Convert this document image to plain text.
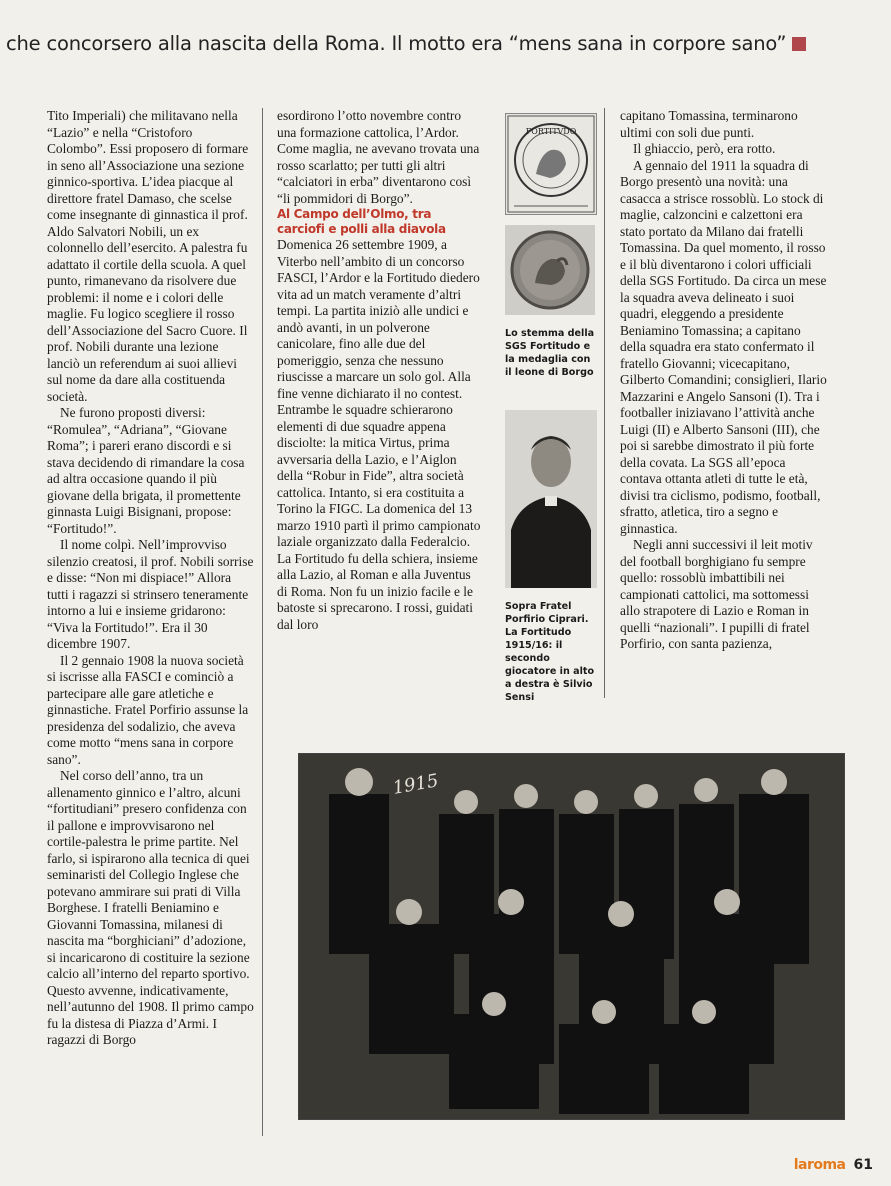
che concorsero alla nascita della Roma. Il motto era “mens sana in corpore sano”

Tito Imperiali) che militavano nella “Lazio” e nella “Cristoforo Colombo”. Essi proposero di formare in seno all’Associazione una sezione ginnico-sportiva. L’idea piacque al direttore fratel Damaso, che scelse come insegnante di ginnastica il prof. Aldo Salvatori Nobili, un ex colonnello dell’esercito. A palestra fu adattato il cortile della scuola. A quel punto, rimanevano da risolvere due problemi: il nome e i colori delle maglie. Fu logico scegliere il rosso dell’Associazione del Sacro Cuore. Il prof. Nobili durante una lezione lanciò un referendum ai suoi allievi sul nome da dare alla costituenda società.

Ne furono proposti diversi: “Romulea”, “Adriana”, “Giovane Roma”; i pareri erano discordi e si stava decidendo di rimandare la cosa ad altra occasione quando il più giovane della brigata, il promettente ginnasta Luigi Bisignani, propose: “Fortitudo!”.

Il nome colpì. Nell’improvviso silenzio creatosi, il prof. Nobili sorrise e disse: “Non mi dispiace!” Allora tutti i ragazzi si strinsero teneramente intorno a lui e insieme gridarono: “Viva la Fortitudo!”. Era il 30 dicembre 1907.

Il 2 gennaio 1908 la nuova società si iscrisse alla FASCI e cominciò a partecipare alle gare atletiche e ginnastiche. Fratel Porfirio assunse la presidenza del sodalizio, che aveva come motto “mens sana in corpore sano”.

Nel corso dell’anno, tra un allenamento ginnico e l’altro, alcuni “fortitudiani” presero confidenza con il pallone e improvvisarono nel cortile-palestra le prime partite. Nel farlo, si ispirarono alla tecnica di quei seminaristi del Collegio Inglese che potevano ammirare sui prati di Villa Borghese. I fratelli Beniamino e Giovanni Tomassina, milanesi di nascita ma “borghiciani” d’adozione, si incaricarono di costituire la sezione calcio all’interno del reparto sportivo. Questo avvenne, indicativamente, nell’autunno del 1908. Il primo campo fu la distesa di Piazza d’Armi. I ragazzi di Borgo

esordirono l’otto novembre contro una formazione cattolica, l’Ardor. Come maglia, ne avevano trovata una rosso scarlatto; per tutti gli altri “calciatori in erba” diventarono così “li pommidori di Borgo”.

Al Campo dell’Olmo, tra carciofi e polli alla diavola

Domenica 26 settembre 1909, a Viterbo nell’ambito di un concorso FASCI, l’Ardor e la Fortitudo diedero vita ad un match veramente d’altri tempi. La partita iniziò alle undici e andò avanti, in un polverone canicolare, fino alle due del pomeriggio, senza che nessuno riuscisse a marcare un solo gol. Alla fine venne dichiarato il no contest. Entrambe le squadre schierarono elementi di due squadre appena disciolte: la mitica Virtus, prima avversaria della Lazio, e l’Aiglon della “Robur in Fide”, altra società cattolica. Intanto, si era costituita a Torino la FIGC. La domenica del 13 marzo 1910 partì il primo campionato laziale organizzato dalla Federalcio. La Fortitudo fu della schiera, insieme alla Lazio, al Roman e alla Juventus di Roma. Non fu un inizio facile e le batoste si sprecarono. I rossi, guidati dal loro

FORTITVDO
Lo stemma della SGS Fortitudo e la medaglia con il leone di Borgo
Sopra Fratel Porfirio Ciprari. La Fortitudo 1915/16: il secondo giocatore in alto a destra è Silvio Sensi

capitano Tomassina, terminarono ultimi con soli due punti.

Il ghiaccio, però, era rotto.

A gennaio del 1911 la squadra di Borgo presentò una novità: una casacca a strisce rossoblù. Lo stock di maglie, calzoncini e calzettoni era stato portato da Milano dai fratelli Tomassina. Da quel momento, il rosso e il blù diventarono i colori ufficiali della SGS Fortitudo. Da circa un mese la squadra aveva delineato i suoi quadri, eleggendo a presidente Beniamino Tomassina; a capitano della squadra era stato confermato il fratello Giovanni; vicecapitano, Gilberto Comandini; consiglieri, Ilario Mazzarini e Angelo Sansoni (I). Tra i footballer iniziavano l’attività anche Luigi (II) e Alberto Sansoni (III), che poi si sarebbe dimostrato il più forte della covata. La SGS all’epoca contava ottanta atleti di tutte le età, divisi tra ciclismo, podismo, football, sfratto, atletica, tiro a segno e ginnastica.

Negli anni successivi il leit motiv del football borghigiano fu sempre quello: rossoblù imbattibili nei campionati cattolici, ma sottomessi allo strapotere di Lazio e Roman in quelli “nazionali”. I pupilli di fratel Porfirio, con santa pazienza,

1915
laroma 61
